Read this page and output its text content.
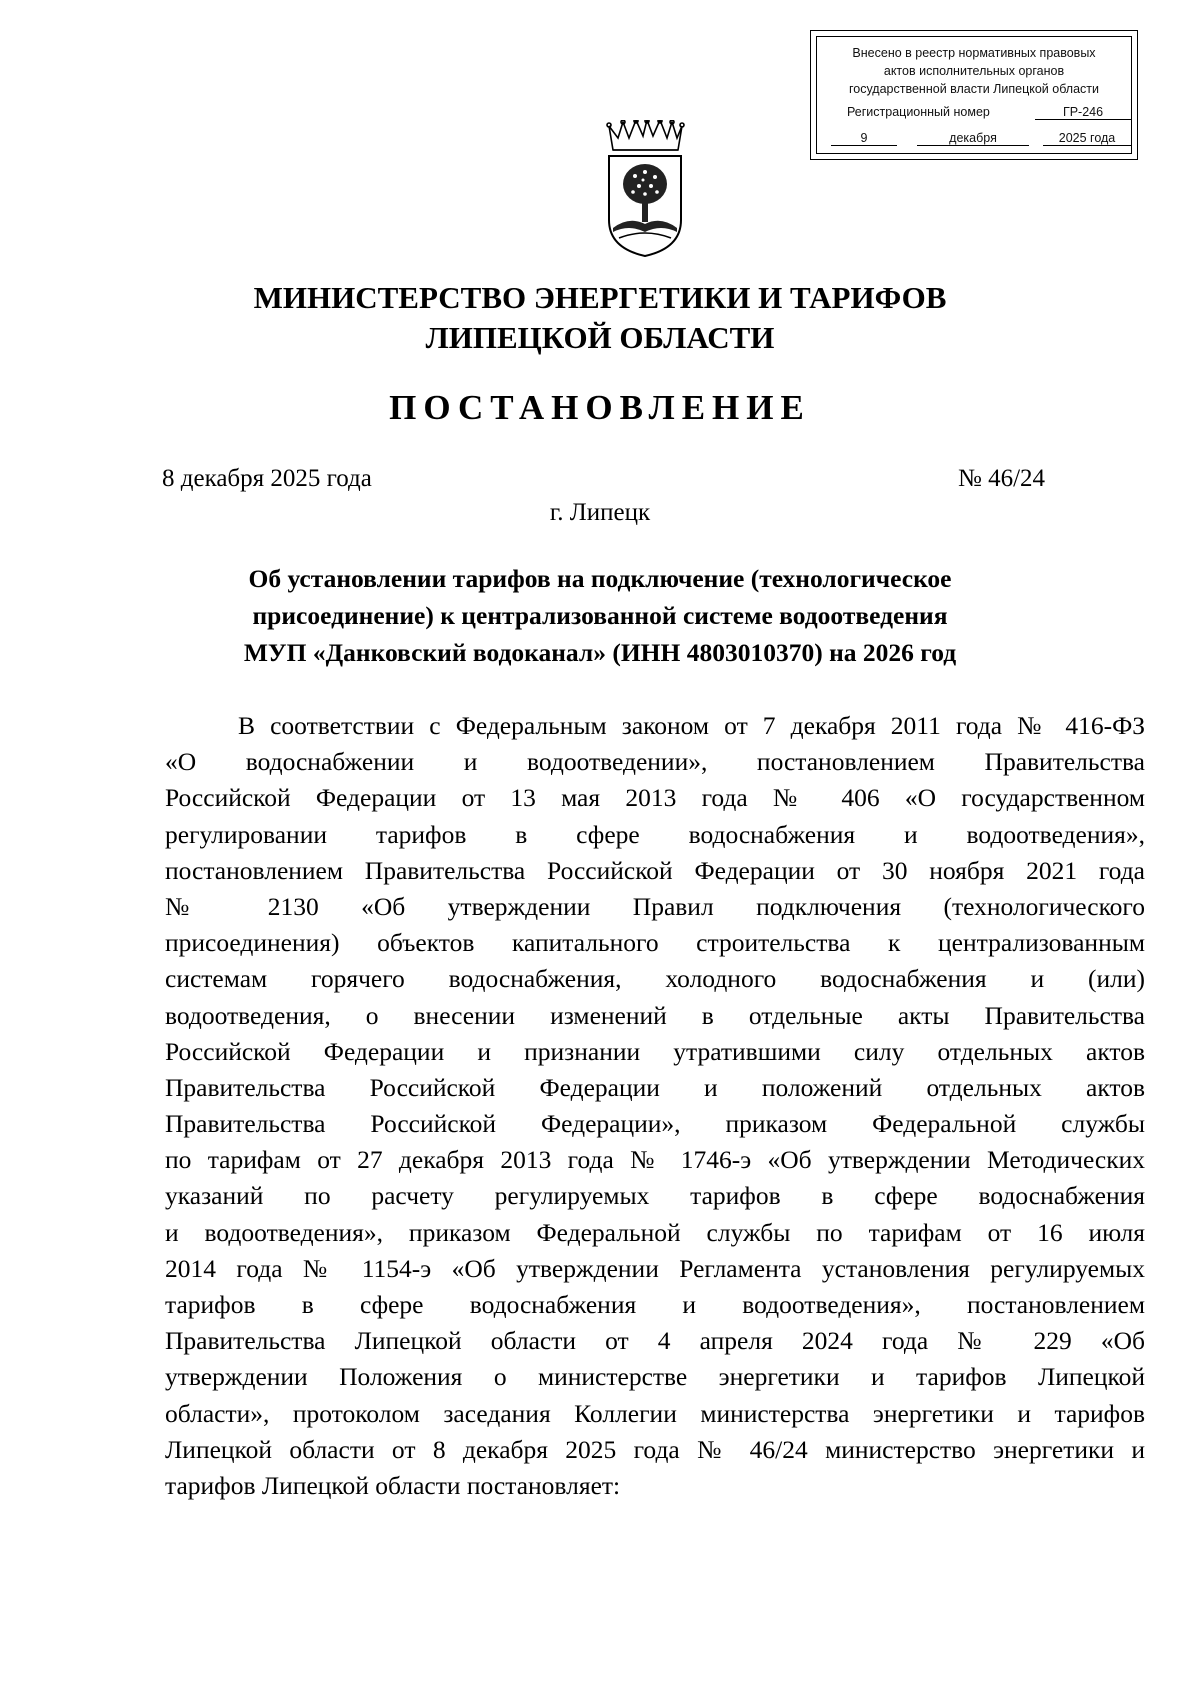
Внесено в реестр нормативных правовых
актов исполнительных органов
государственной власти Липецкой области
Регистрационный номер	ГР-246
9	декабря	2025 года
МИНИСТЕРСТВО ЭНЕРГЕТИКИ И ТАРИФОВ
ЛИПЕЦКОЙ ОБЛАСТИ
ПОСТАНОВЛЕНИЕ
8 декабря 2025 года	№ 46/24
г. Липецк
Об установлении тарифов на подключение (технологическое
присоединение) к централизованной системе водоотведения
МУП «Данковский водоканал» (ИНН 4803010370) на 2026 год
В соответствии с Федеральным законом от 7 декабря 2011 года № 416-ФЗ
«О водоснабжении и водоотведении», постановлением Правительства
Российской Федерации от 13 мая 2013 года № 406 «О государственном
регулировании тарифов в сфере водоснабжения и водоотведения»,
постановлением Правительства Российской Федерации от 30 ноября 2021 года
№ 2130 «Об утверждении Правил подключения (технологического
присоединения) объектов капитального строительства к централизованным
системам горячего водоснабжения, холодного водоснабжения и (или)
водоотведения, о внесении изменений в отдельные акты Правительства
Российской Федерации и признании утратившими силу отдельных актов
Правительства Российской Федерации и положений отдельных актов
Правительства Российской Федерации», приказом Федеральной службы
по тарифам от 27 декабря 2013 года № 1746-э «Об утверждении Методических
указаний по расчету регулируемых тарифов в сфере водоснабжения
и водоотведения», приказом Федеральной службы по тарифам от 16 июля
2014 года № 1154-э «Об утверждении Регламента установления регулируемых
тарифов в сфере водоснабжения и водоотведения», постановлением
Правительства Липецкой области от 4 апреля 2024 года № 229 «Об
утверждении Положения о министерстве энергетики и тарифов Липецкой
области», протоколом заседания Коллегии министерства энергетики и тарифов
Липецкой области от 8 декабря 2025 года № 46/24 министерство энергетики и
тарифов Липецкой области постановляет:
